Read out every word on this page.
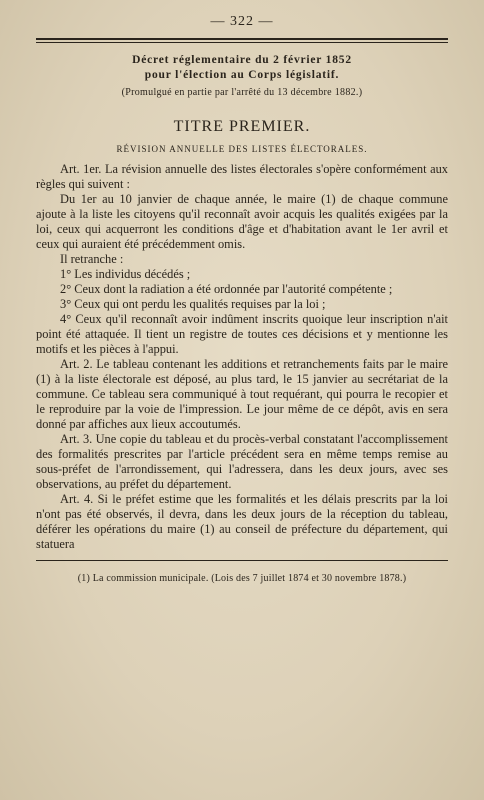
— 322 —
Décret réglementaire du 2 février 1852
pour l'élection au Corps législatif.
(Promulgué en partie par l'arrêté du 13 décembre 1882.)
TITRE PREMIER.
RÉVISION ANNUELLE DES LISTES ÉLECTORALES.

Art. 1er. La révision annuelle des listes électorales s'opère conformément aux règles qui suivent :

Du 1er au 10 janvier de chaque année, le maire (1) de chaque commune ajoute à la liste les citoyens qu'il reconnaît avoir acquis les qualités exigées par la loi, ceux qui acquerront les conditions d'âge et d'habitation avant le 1er avril et ceux qui auraient été précédemment omis.

Il retranche :

1° Les individus décédés ;

2° Ceux dont la radiation a été ordonnée par l'autorité compétente ;

3° Ceux qui ont perdu les qualités requises par la loi ;

4° Ceux qu'il reconnaît avoir indûment inscrits quoique leur inscription n'ait point été attaquée. Il tient un registre de toutes ces décisions et y mentionne les motifs et les pièces à l'appui.

Art. 2. Le tableau contenant les additions et retranchements faits par le maire (1) à la liste électorale est déposé, au plus tard, le 15 janvier au secrétariat de la commune. Ce tableau sera communiqué à tout requérant, qui pourra le recopier et le reproduire par la voie de l'impression. Le jour même de ce dépôt, avis en sera donné par affiches aux lieux accoutumés.

Art. 3. Une copie du tableau et du procès-verbal constatant l'accomplissement des formalités prescrites par l'article précédent sera en même temps remise au sous-préfet de l'arrondissement, qui l'adressera, dans les deux jours, avec ses observations, au préfet du département.

Art. 4. Si le préfet estime que les formalités et les délais prescrits par la loi n'ont pas été observés, il devra, dans les deux jours de la réception du tableau, déférer les opérations du maire (1) au conseil de préfecture du département, qui statuera

(1) La commission municipale. (Lois des 7 juillet 1874 et 30 novembre 1878.)
